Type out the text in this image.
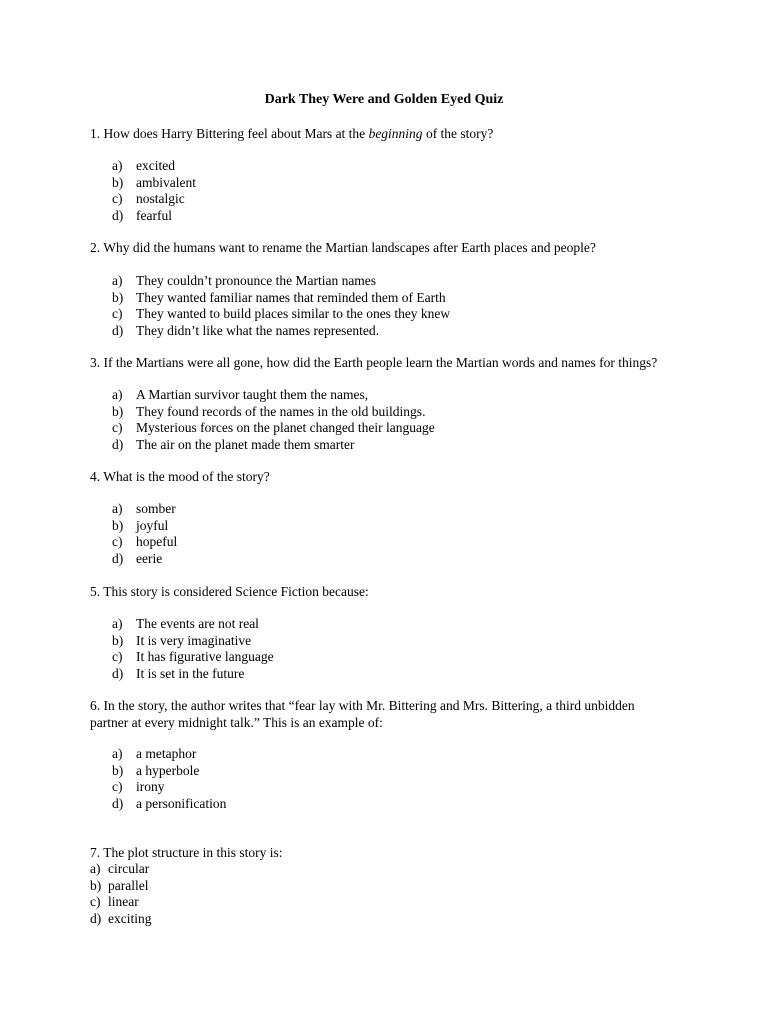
Dark They Were and Golden Eyed Quiz
1. How does Harry Bittering feel about Mars at the beginning of the story?
a)	excited
b) ambivalent
c)	nostalgic
d) fearful
2. Why did the humans want to rename the Martian landscapes after Earth places and people?
a)	They couldn’t pronounce the Martian names
b) They wanted familiar names that reminded them of Earth
c)	They wanted to build places similar to the ones they knew
d) They didn’t like what the names represented.
3. If the Martians were all gone, how did the Earth people learn the Martian words and names for things?
a)	A Martian survivor taught them the names,
b) They found records of the names in the old buildings.
c)	Mysterious forces on the planet changed their language
d) The air on the planet made them smarter
4. What is the mood of the story?
a)	somber
b) joyful
c)	hopeful
d) eerie
5. This story is considered Science Fiction because:
a)	The events are not real
b) It is very imaginative
c)	It has figurative language
d) It is set in the future
6. In the story, the author writes that “fear lay with Mr. Bittering and Mrs. Bittering, a third unbidden
partner at every midnight talk.” This is an example of:
a)	a metaphor
b) a hyperbole
c)	irony
d) a personification
7. The plot structure in this story is:
a) circular
b) parallel
c) linear
d) exciting
